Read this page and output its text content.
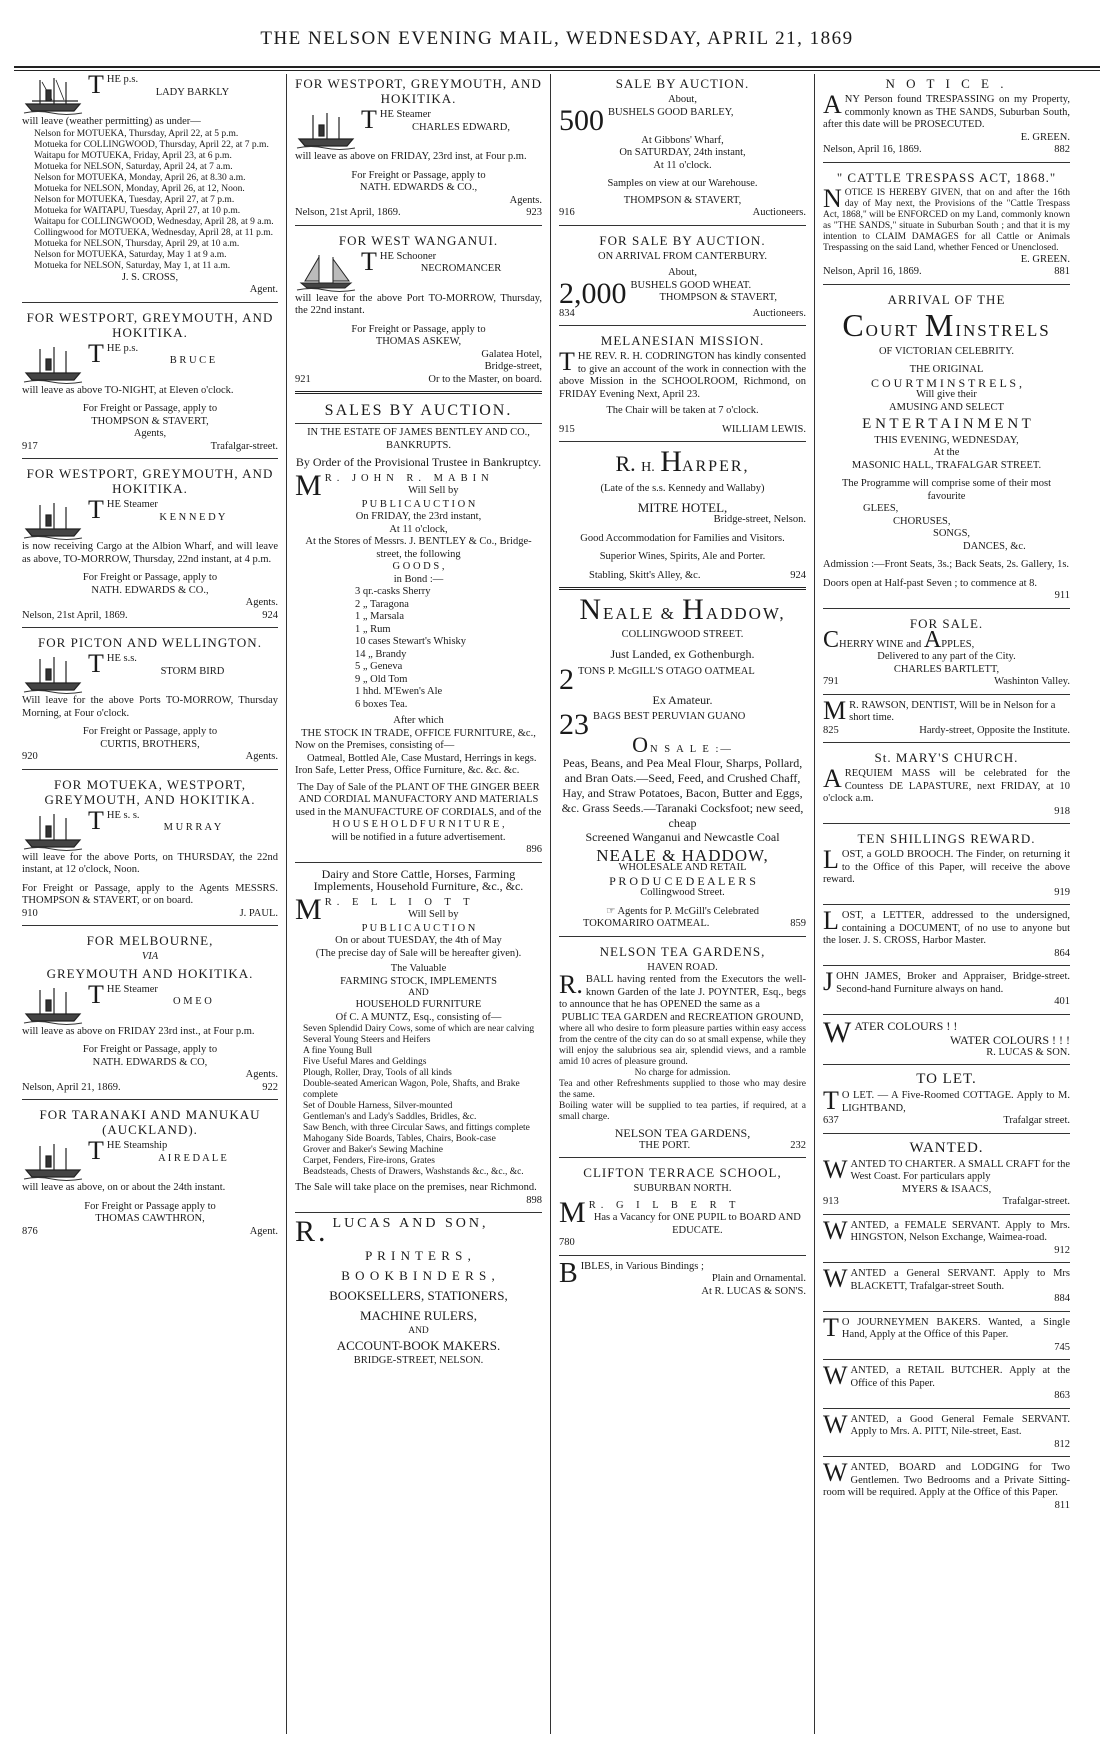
THE NELSON EVENING MAIL, WEDNESDAY, APRIL 21, 1869
THE p.s.
LADY BARKLY
will leave (weather permitting) as under—
Nelson for MOTUEKA, Thursday, April 22, at 5 p.m.
Motueka for COLLINGWOOD, Thursday, April 22, at 7 p.m.
Waitapu for MOTUEKA, Friday, April 23, at 6 p.m.
Motueka for NELSON, Saturday, April 24, at 7 a.m.
Nelson for MOTUEKA, Monday, April 26, at 8.30 a.m.
Motueka for NELSON, Monday, April 26, at 12, Noon.
Nelson for MOTUEKA, Tuesday, April 27, at 7 p.m.
Motueka for WAITAPU, Tuesday, April 27, at 10 p.m.
Waitapu for COLLINGWOOD, Wednesday, April 28, at 9 a.m.
Collingwood for MOTUEKA, Wednesday, April 28, at 11 p.m.
Motueka for NELSON, Thursday, April 29, at 10 a.m.
Nelson for MOTUEKA, Saturday, May 1 at 9 a.m.
Motueka for NELSON, Saturday, May 1, at 11 a.m.
J. S. CROSS,
Agent.
FOR WESTPORT, GREYMOUTH, AND HOKITIKA.
THE p.s.
B R U C E
will leave as above TO-NIGHT, at Eleven o'clock.
For Freight or Passage, apply to
THOMPSON & STAVERT,
Agents,
917	Trafalgar-street.
FOR WESTPORT, GREYMOUTH, AND HOKITIKA.
THE Steamer
K E N N E D Y
is now receiving Cargo at the Albion Wharf, and will leave as above, TO-MORROW, Thursday, 22nd instant, at 4 p.m.
For Freight or Passage, apply to
NATH. EDWARDS & CO.,
Agents.
Nelson, 21st April, 1869.	924
FOR PICTON AND WELLINGTON.
THE s.s.
STORM BIRD
Will leave for the above Ports TO-MORROW, Thursday Morning, at Four o'clock.
For Freight or Passage, apply to
CURTIS, BROTHERS,
920	Agents.
FOR MOTUEKA, WESTPORT, GREYMOUTH, AND HOKITIKA.
THE s. s.
M U R R A Y
will leave for the above Ports, on THURSDAY, the 22nd instant, at 12 o'clock, Noon.
For Freight or Passage, apply to the Agents MESSRS. THOMPSON & STAVERT, or on board.
910	J. PAUL.
FOR MELBOURNE,
VIA
GREYMOUTH AND HOKITIKA.
THE Steamer
O M E O
will leave as above on FRIDAY 23rd inst., at Four p.m.
For Freight or Passage, apply to
NATH. EDWARDS & CO,
Agents.
Nelson, April 21, 1869.	922
FOR TARANAKI AND MANUKAU (AUCKLAND).
THE Steamship
A I R E D A L E
will leave as above, on or about the 24th instant.
For Freight or Passage apply to
THOMAS CAWTHRON,
876	Agent.
FOR WESTPORT, GREYMOUTH, AND HOKITIKA.
THE Steamer
CHARLES EDWARD,
will leave as above on FRIDAY, 23rd inst, at Four p.m.
For Freight or Passage, apply to
NATH. EDWARDS & CO.,
Agents.
Nelson, 21st April, 1869.	923
FOR WEST WANGANUI.
THE Schooner
NECROMANCER
will leave for the above Port TO-MORROW, Thursday, the 22nd instant.
For Freight or Passage, apply to
THOMAS ASKEW,
Galatea Hotel,
Bridge-street,
921	Or to the Master, on board.
SALES BY AUCTION.
IN THE ESTATE OF JAMES BENTLEY AND CO., BANKRUPTS.
By Order of the Provisional Trustee in Bankruptcy.
M R. JOHN R. MABIN
Will Sell by
P U B L I C A U C T I O N
On FRIDAY, the 23rd instant,
At 11 o'clock,
At the Stores of Messrs. J. BENTLEY & Co., Bridge-street, the following
G O O D S ,
in Bond :—
3 qr.-casks Sherry
2 „ Taragona
1 „ Marsala
1 „ Rum
10 cases Stewart's Whisky
14 „ Brandy
5 „ Geneva
9 „ Old Tom
1 hhd. M'Ewen's Ale
6 boxes Tea.
After which
THE STOCK IN TRADE, OFFICE FURNITURE, &c.,
Now on the Premises, consisting of—
Oatmeal, Bottled Ale, Case Mustard, Herrings in kegs.
Iron Safe, Letter Press, Office Furniture, &c. &c. &c.
The Day of Sale of the PLANT OF THE GINGER BEER AND CORDIAL MANUFACTORY AND MATERIALS used in the MANUFACTURE OF CORDIALS, and of the
H O U S E H O L D F U R N I T U R E ,
will be notified in a future advertisement.
896
Dairy and Store Cattle, Horses, Farming Implements, Household Furniture, &c., &c.
M R. E L L I O T T
Will Sell by
P U B L I C A U C T I O N
On or about TUESDAY, the 4th of May
(The precise day of Sale will be hereafter given).
The Valuable
FARMING STOCK, IMPLEMENTS
AND
HOUSEHOLD FURNITURE
Of C. A MUNTZ, Esq., consisting of—
Seven Splendid Dairy Cows, some of which are near calving
Several Young Steers and Heifers
A fine Young Bull
Five Useful Mares and Geldings
Plough, Roller, Dray, Tools of all kinds
Double-seated American Wagon, Pole, Shafts, and Brake complete
Set of Double Harness, Silver-mounted
Gentleman's and Lady's Saddles, Bridles, &c.
Saw Bench, with three Circular Saws, and fittings complete
Mahogany Side Boards, Tables, Chairs, Book-case
Grover and Baker's Sewing Machine
Carpet, Fenders, Fire-irons, Grates
Beadsteads, Chests of Drawers, Washstands &c., &c., &c.
The Sale will take place on the premises, near Richmond.
898
R. LUCAS AND SON,
P R I N T E R S ,
B O O K B I N D E R S ,
BOOKSELLERS, STATIONERS,
MACHINE RULERS,
AND
ACCOUNT-BOOK MAKERS.
BRIDGE-STREET, NELSON.
SALE BY AUCTION.
About,
500 BUSHELS GOOD BARLEY,
At Gibbons' Wharf,
On SATURDAY, 24th instant,
At 11 o'clock.
Samples on view at our Warehouse.
THOMPSON & STAVERT,
916	Auctioneers.
FOR SALE BY AUCTION.
ON ARRIVAL FROM CANTERBURY.
About,
2,000 BUSHELS GOOD WHEAT.
THOMPSON & STAVERT,
834	Auctioneers.
MELANESIAN MISSION.
THE REV. R. H. CODRINGTON has kindly consented to give an account of the work in connection with the above Mission in the SCHOOLROOM, Richmond, on FRIDAY Evening Next, April 23.
The Chair will be taken at 7 o'clock.
915	WILLIAM LEWIS.
R. H. HARPER,
(Late of the s.s. Kennedy and Wallaby)
MITRE HOTEL,
Bridge-street, Nelson.
Good Accommodation for Families and Visitors.
Superior Wines, Spirits, Ale and Porter.
Stabling, Skitt's Alley, &c.	924
NEALE & HADDOW,
COLLINGWOOD STREET.
Just Landed, ex Gothenburgh.
2 TONS P. McGILL'S OTAGO OATMEAL
Ex Amateur.
23 BAGS BEST PERUVIAN GUANO
ON S A L E :—
Peas, Beans, and Pea Meal Flour, Sharps, Pollard, and Bran Oats.—Seed, Feed, and Crushed Chaff, Hay, and Straw Potatoes, Bacon, Butter and Eggs, &c. Grass Seeds.—Taranaki Cocksfoot; new seed, cheap
Screened Wanganui and Newcastle Coal
NEALE & HADDOW,
WHOLESALE AND RETAIL
P R O D U C E D E A L E R S
Collingwood Street.
☞ Agents for P. McGill's Celebrated
TOKOMARIRO OATMEAL.	859
NELSON TEA GARDENS,
HAVEN ROAD.
R. BALL having rented from the Executors the well-known Garden of the late J. POYNTER, Esq., begs to announce that he has OPENED the same as a
PUBLIC TEA GARDEN and RECREATION GROUND,
where all who desire to form pleasure parties within easy access from the centre of the city can do so at small expense, while they will enjoy the salubrious sea air, splendid views, and a ramble amid 10 acres of pleasure ground.
No charge for admission.
Tea and other Refreshments supplied to those who may desire the same.
Boiling water will be supplied to tea parties, if required, at a small charge.
NELSON TEA GARDENS,
THE PORT.	232
CLIFTON TERRACE SCHOOL,
SUBURBAN NORTH.
M R. G I L B E R T
Has a Vacancy for ONE PUPIL to BOARD AND EDUCATE.
780
BIBLES, in Various Bindings ;
Plain and Ornamental.
At R. LUCAS & SON'S.
N O T I C E .
ANY Person found TRESPASSING on my Property, commonly known as THE SANDS, Suburban South, after this date will be PROSECUTED.
E. GREEN.
Nelson, April 16, 1869.	882
" CATTLE TRESPASS ACT, 1868."
NOTICE IS HEREBY GIVEN, that on and after the 16th day of May next, the Provisions of the "Cattle Trespass Act, 1868," will be ENFORCED on my Land, commonly known as "THE SANDS," situate in Suburban South ; and that it is my intention to CLAIM DAMAGES for all Cattle or Animals Trespassing on the said Land, whether Fenced or Unenclosed.
E. GREEN.
Nelson, April 16, 1869.	881
ARRIVAL OF THE
COURT MINSTRELS
OF VICTORIAN CELEBRITY.
THE ORIGINAL
C O U R T M I N S T R E L S ,
Will give their
AMUSING AND SELECT
E N T E R T A I N M E N T
THIS EVENING, WEDNESDAY,
At the
MASONIC HALL, TRAFALGAR STREET.
The Programme will comprise some of their most favourite
GLEES,
CHORUSES,
SONGS,
DANCES, &c.
Admission :—Front Seats, 3s.; Back Seats, 2s. Gallery, 1s.
Doors open at Half-past Seven ; to commence at 8.
911
FOR SALE.
CHERRY WINE and APPLES,
Delivered to any part of the City.
CHARLES BARTLETT,
791	Washinton Valley.
M R. RAWSON, DENTIST, Will be in Nelson for a short time.
825	Hardy-street, Opposite the Institute.
St. MARY'S CHURCH.
AREQUIEM MASS will be celebrated for the Countess DE LAPASTURE, next FRIDAY, at 10 o'clock a.m.
918
TEN SHILLINGS REWARD.
LOST, a GOLD BROOCH. The Finder, on returning it to the Office of this Paper, will receive the above reward.
919
LOST, a LETTER, addressed to the undersigned, containing a DOCUMENT, of no use to anyone but the loser. J. S. CROSS, Harbor Master.
864
JOHN JAMES, Broker and Appraiser, Bridge-street. Second-hand Furniture always on hand.
401
WATER COLOURS ! !
WATER COLOURS ! ! !
R. LUCAS & SON.
TO LET.
T O LET. — A Five-Roomed COTTAGE. Apply to M. LIGHTBAND,
637	Trafalgar street.
WANTED.
WANTED TO CHARTER. A SMALL CRAFT for the West Coast. For particulars apply
MYERS & ISAACS,
913	Trafalgar-street.
WANTED, a FEMALE SERVANT. Apply to Mrs. HINGSTON, Nelson Exchange, Waimea-road.
912
WANTED a General SERVANT. Apply to Mrs BLACKETT, Trafalgar-street South.
884
T O JOURNEYMEN BAKERS. Wanted, a Single Hand, Apply at the Office of this Paper.
745
WANTED, a RETAIL BUTCHER. Apply at the Office of this Paper.
863
WANTED, a Good General Female SERVANT. Apply to Mrs. A. PITT, Nile-street, East.
812
WANTED, BOARD and LODGING for Two Gentlemen. Two Bedrooms and a Private Sitting-room will be required. Apply at the Office of this Paper.
811
